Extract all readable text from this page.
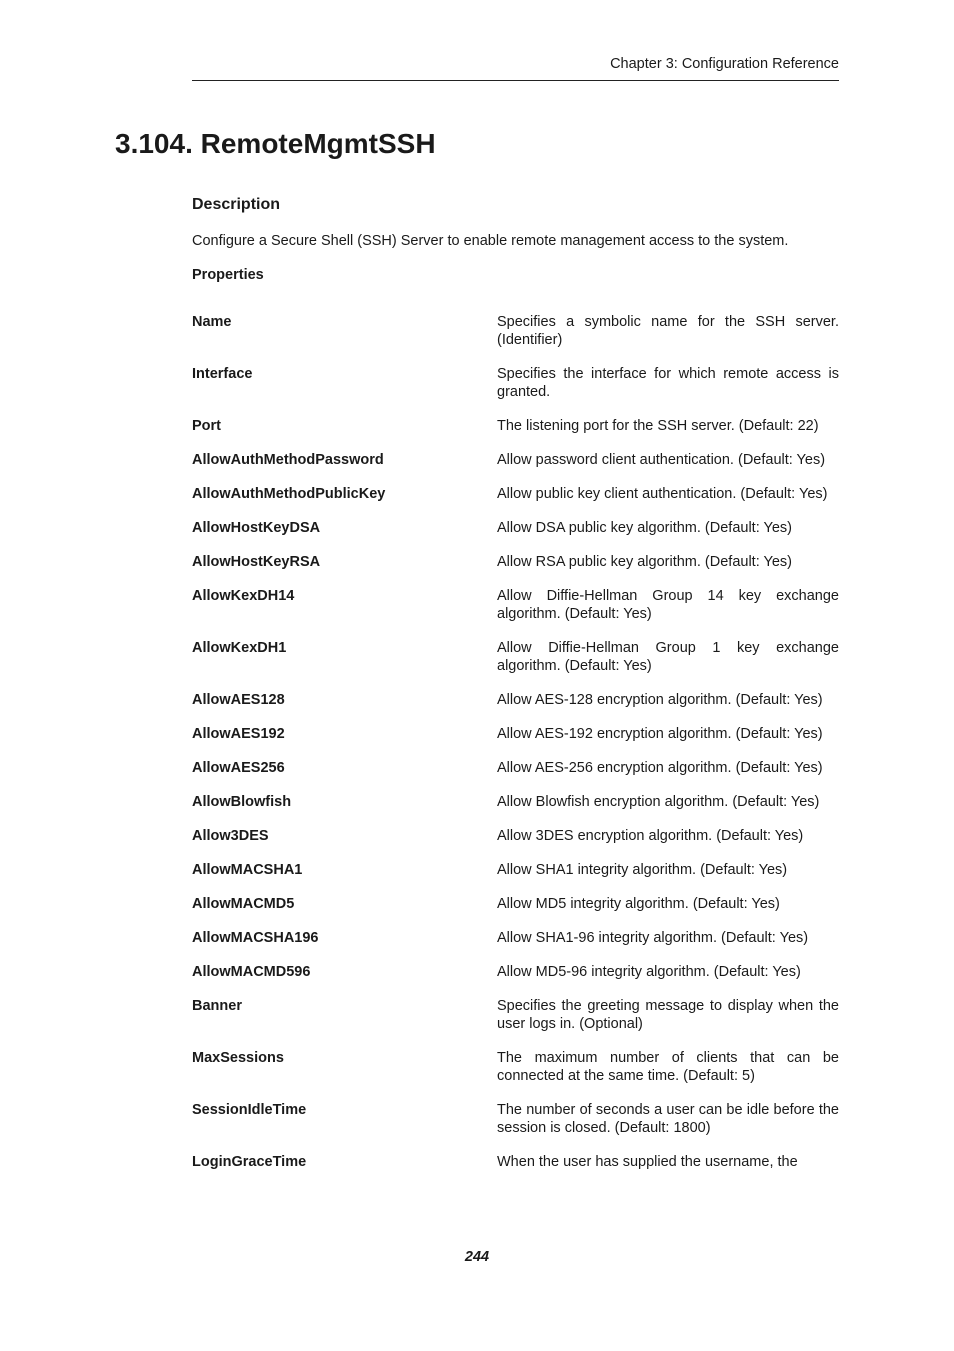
Chapter 3: Configuration Reference
3.104. RemoteMgmtSSH
Description

Configure a Secure Shell (SSH) Server to enable remote management access to the system.

Properties
Name	Specifies a symbolic name for the SSH server. (Identifier)
Interface	Specifies the interface for which remote access is granted.
Port	The listening port for the SSH server. (Default: 22)
AllowAuthMethodPassword	Allow password client authentication. (Default: Yes)
AllowAuthMethodPublicKey	Allow public key client authentication. (Default: Yes)
AllowHostKeyDSA	Allow DSA public key algorithm. (Default: Yes)
AllowHostKeyRSA	Allow RSA public key algorithm. (Default: Yes)
AllowKexDH14	Allow Diffie-Hellman Group 14 key exchange algorithm. (Default: Yes)
AllowKexDH1	Allow Diffie-Hellman Group 1 key exchange algorithm. (Default: Yes)
AllowAES128	Allow AES-128 encryption algorithm. (Default: Yes)
AllowAES192	Allow AES-192 encryption algorithm. (Default: Yes)
AllowAES256	Allow AES-256 encryption algorithm. (Default: Yes)
AllowBlowfish	Allow Blowfish encryption algorithm. (Default: Yes)
Allow3DES	Allow 3DES encryption algorithm. (Default: Yes)
AllowMACSHA1	Allow SHA1 integrity algorithm. (Default: Yes)
AllowMACMD5	Allow MD5 integrity algorithm. (Default: Yes)
AllowMACSHA196	Allow SHA1-96 integrity algorithm. (Default: Yes)
AllowMACMD596	Allow MD5-96 integrity algorithm. (Default: Yes)
Banner	Specifies the greeting message to display when the user logs in. (Optional)
MaxSessions	The maximum number of clients that can be connected at the same time. (Default: 5)
SessionIdleTime	The number of seconds a user can be idle before the session is closed. (Default: 1800)
LoginGraceTime	When the user has supplied the username, the
244
